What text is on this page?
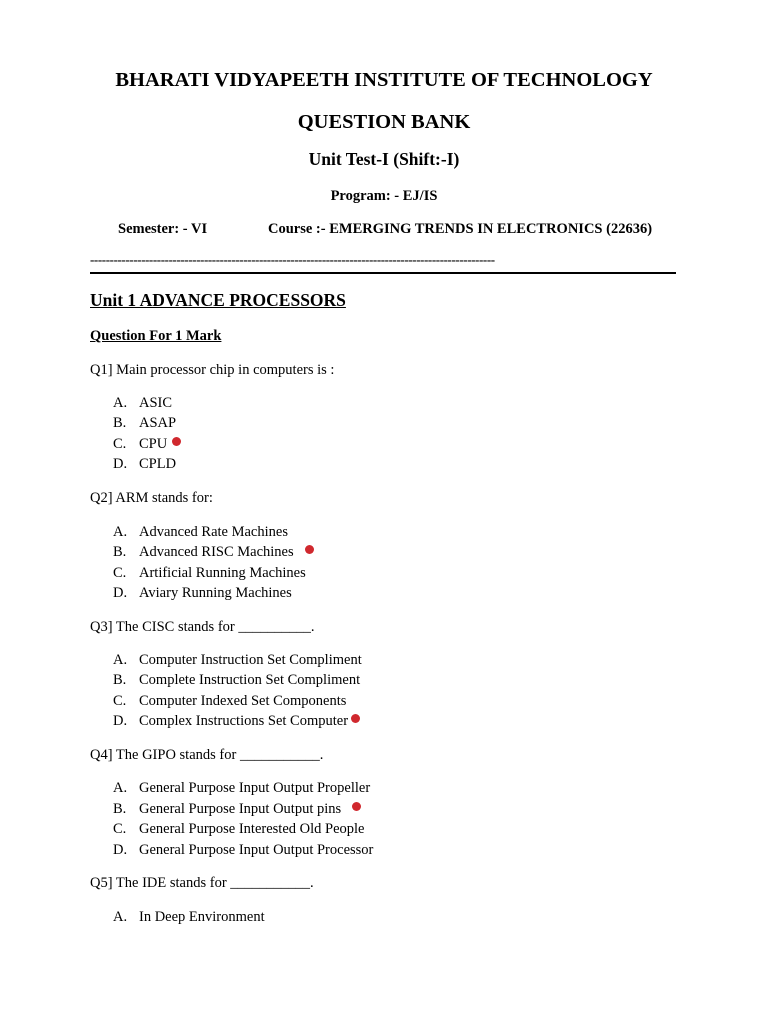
BHARATI VIDYAPEETH INSTITUTE OF TECHNOLOGY
QUESTION BANK
Unit Test-I (Shift:-I)
Program: - EJ/IS
Semester: - VI	Course :- EMERGING TRENDS IN ELECTRONICS (22636)
-------------------------------------------------------------------------------------------------------
Unit 1 ADVANCE PROCESSORS
Question For 1 Mark
Q1] Main processor chip in computers is :
A. ASIC
B. ASAP
C. CPU
D. CPLD
Q2] ARM stands for:
A. Advanced Rate Machines
B. Advanced RISC Machines
C. Artificial Running Machines
D. Aviary Running Machines
Q3] The CISC stands for __________.
A. Computer Instruction Set Compliment
B. Complete Instruction Set Compliment
C. Computer Indexed Set Components
D. Complex Instructions Set Computer
Q4] The GIPO stands for ___________.
A. General Purpose Input Output Propeller
B. General Purpose Input Output pins
C. General Purpose Interested Old People
D. General Purpose Input Output Processor
Q5] The IDE stands for ___________.
A. In Deep Environment
